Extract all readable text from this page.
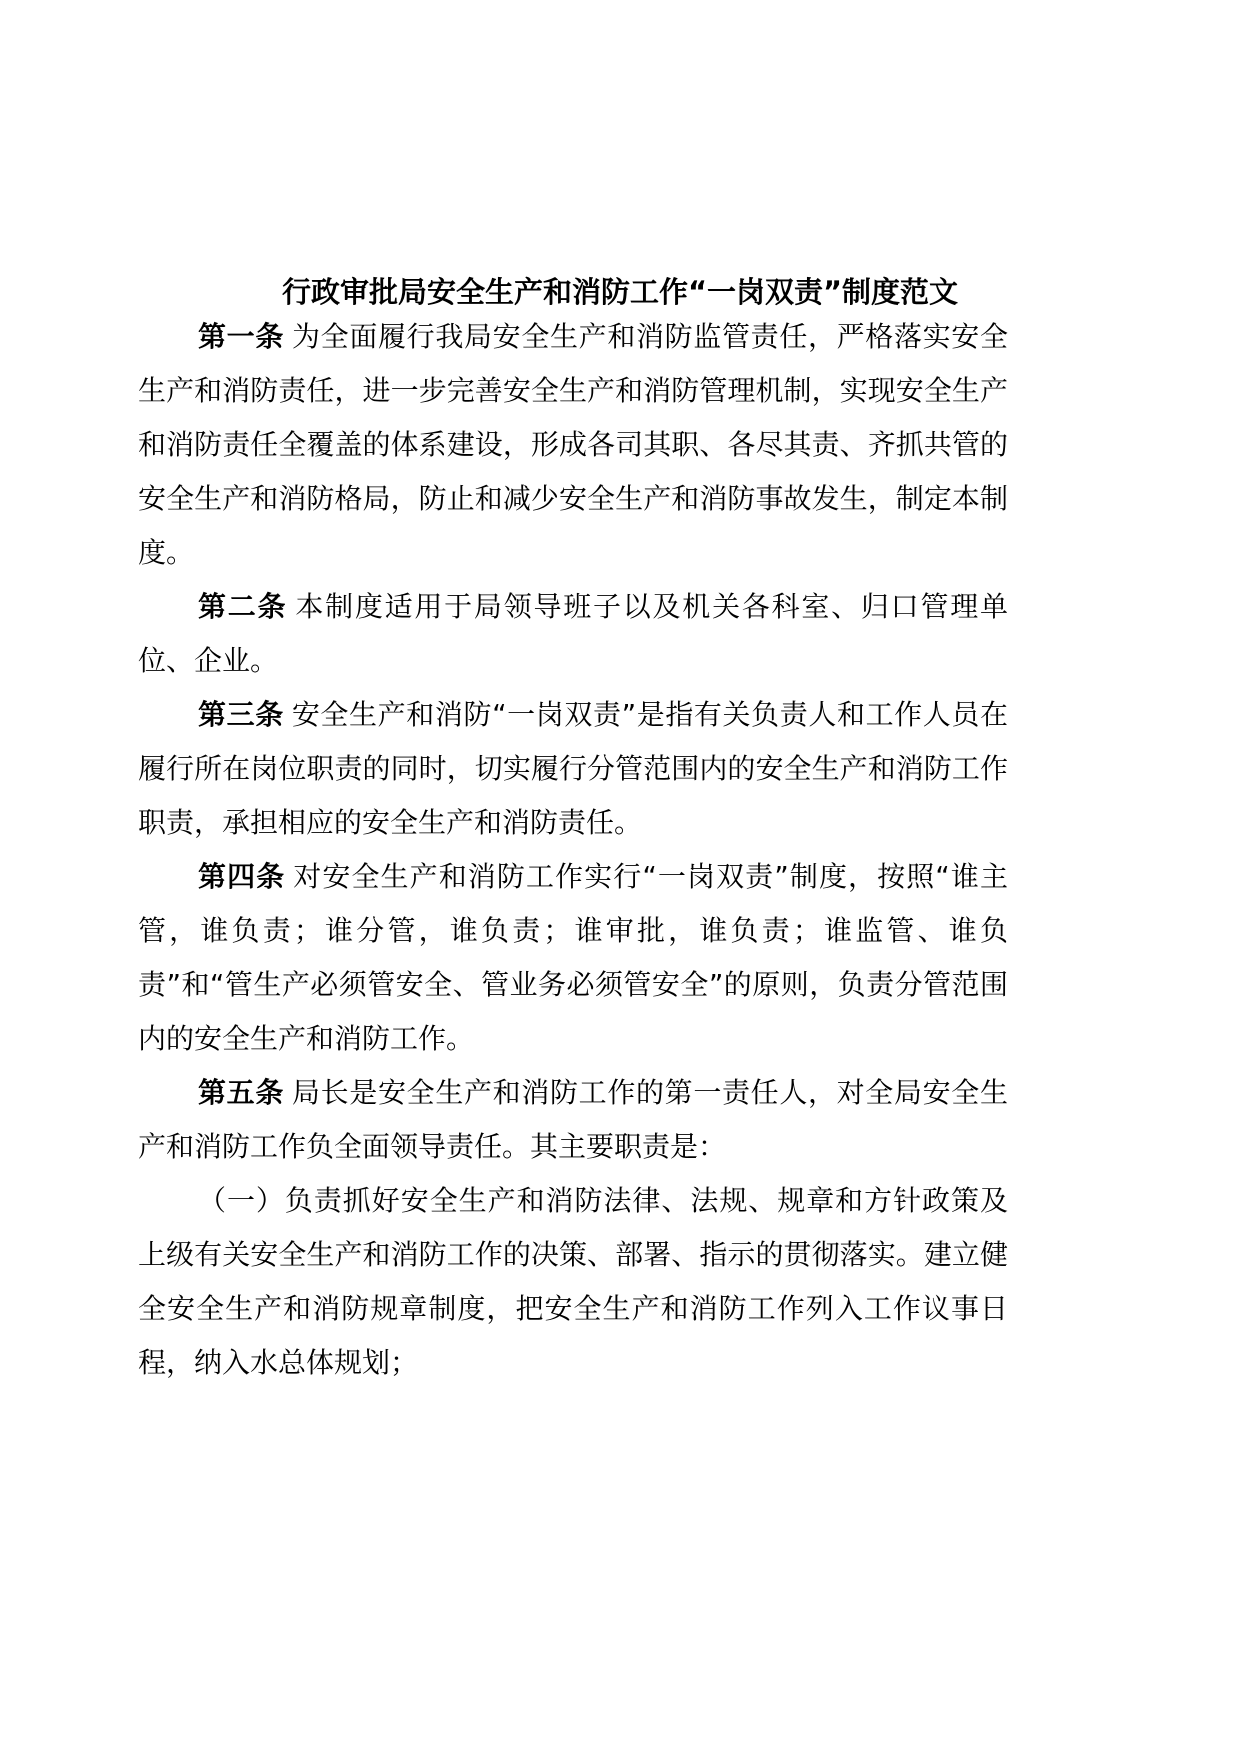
行政审批局安全生产和消防工作“一岗双责”制度范文

第一条 为全面履行我局安全生产和消防监管责任，严格落实安全生产和消防责任，进一步完善安全生产和消防管理机制，实现安全生产和消防责任全覆盖的体系建设，形成各司其职、各尽其责、齐抓共管的安全生产和消防格局，防止和减少安全生产和消防事故发生，制定本制度。

第二条 本制度适用于局领导班子以及机关各科室、归口管理单位、企业。

第三条 安全生产和消防“一岗双责”是指有关负责人和工作人员在履行所在岗位职责的同时，切实履行分管范围内的安全生产和消防工作职责，承担相应的安全生产和消防责任。

第四条 对安全生产和消防工作实行“一岗双责”制度，按照“谁主管，谁负责；谁分管，谁负责；谁审批，谁负责；谁监管、谁负责”和“管生产必须管安全、管业务必须管安全”的原则，负责分管范围内的安全生产和消防工作。

第五条 局长是安全生产和消防工作的第一责任人，对全局安全生产和消防工作负全面领导责任。其主要职责是：

（一）负责抓好安全生产和消防法律、法规、规章和方针政策及上级有关安全生产和消防工作的决策、部署、指示的贯彻落实。建立健全安全生产和消防规章制度，把安全生产和消防工作列入工作议事日程，纳入水总体规划；
